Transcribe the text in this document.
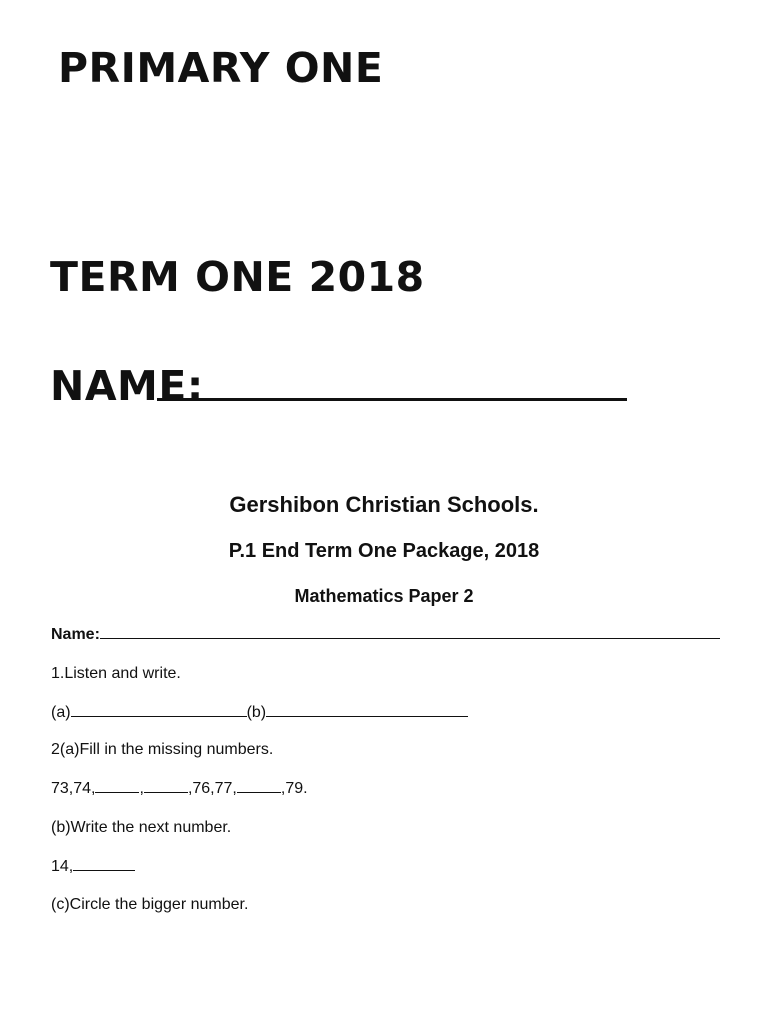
PRIMARY ONE
TERM ONE 2018
NAME:
Gershibon Christian Schools.
P.1 End Term One Package, 2018
Mathematics Paper 2
Name:
1.Listen and write.
(a)	(b)
2(a)Fill in the missing numbers.
73,74,	,	,76,77,	,79.
(b)Write the next number.
14,
(c)Circle the bigger number.
